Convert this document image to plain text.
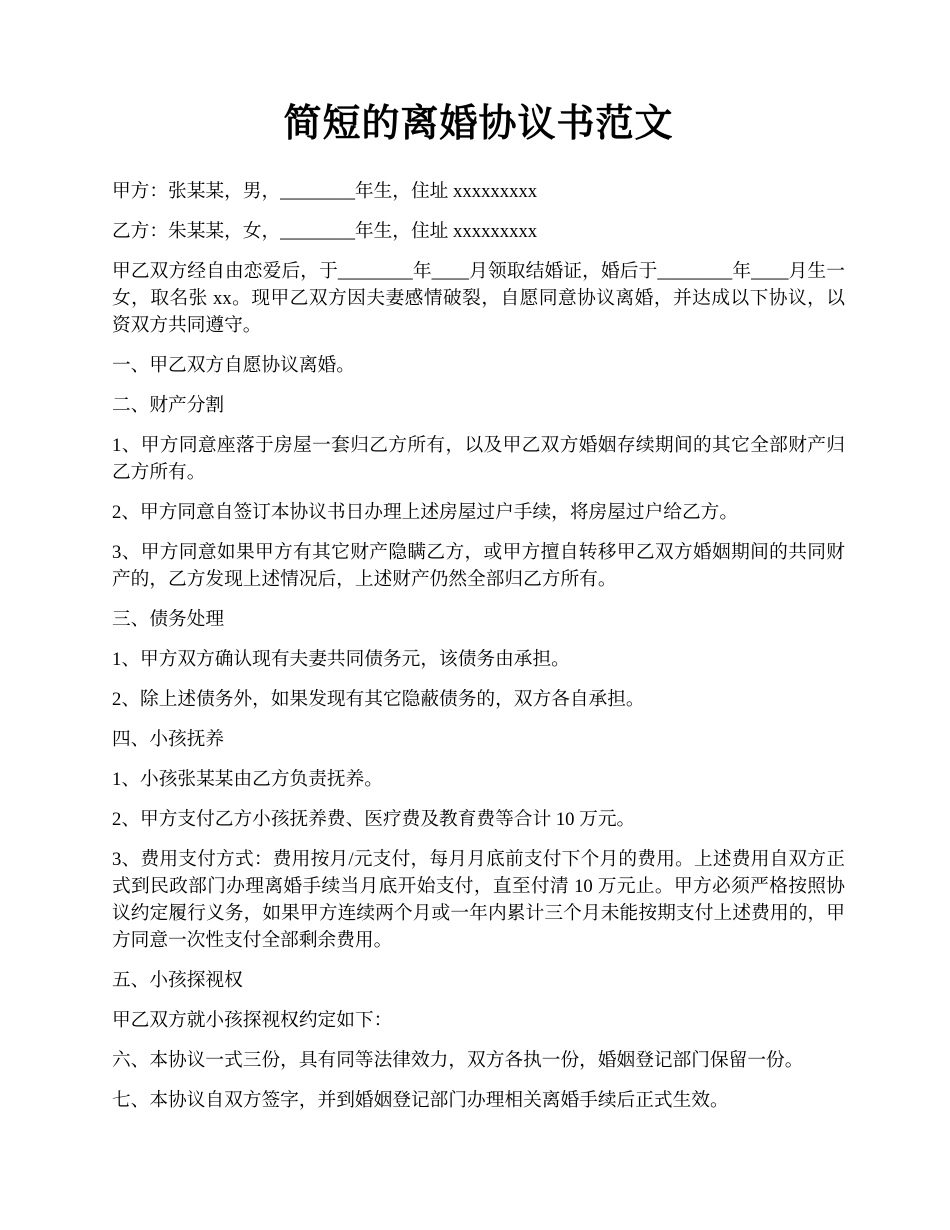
简短的离婚协议书范文

甲方：张某某，男，________年生，住址 xxxxxxxxx

乙方：朱某某，女，________年生，住址 xxxxxxxxx

甲乙双方经自由恋爱后，于________年____月领取结婚证，婚后于________年____月生一女，取名张 xx。现甲乙双方因夫妻感情破裂，自愿同意协议离婚，并达成以下协议，以资双方共同遵守。

一、甲乙双方自愿协议离婚。

二、财产分割

1、甲方同意座落于房屋一套归乙方所有，以及甲乙双方婚姻存续期间的其它全部财产归乙方所有。

2、甲方同意自签订本协议书日办理上述房屋过户手续，将房屋过户给乙方。

3、甲方同意如果甲方有其它财产隐瞒乙方，或甲方擅自转移甲乙双方婚姻期间的共同财产的，乙方发现上述情况后，上述财产仍然全部归乙方所有。

三、债务处理

1、甲方双方确认现有夫妻共同债务元，该债务由承担。

2、除上述债务外，如果发现有其它隐蔽债务的，双方各自承担。

四、小孩抚养

1、小孩张某某由乙方负责抚养。

2、甲方支付乙方小孩抚养费、医疗费及教育费等合计 10 万元。

3、费用支付方式：费用按月/元支付，每月月底前支付下个月的费用。上述费用自双方正式到民政部门办理离婚手续当月底开始支付，直至付清 10 万元止。甲方必须严格按照协议约定履行义务，如果甲方连续两个月或一年内累计三个月未能按期支付上述费用的，甲方同意一次性支付全部剩余费用。

五、小孩探视权

甲乙双方就小孩探视权约定如下：

六、本协议一式三份，具有同等法律效力，双方各执一份，婚姻登记部门保留一份。

七、本协议自双方签字，并到婚姻登记部门办理相关离婚手续后正式生效。
